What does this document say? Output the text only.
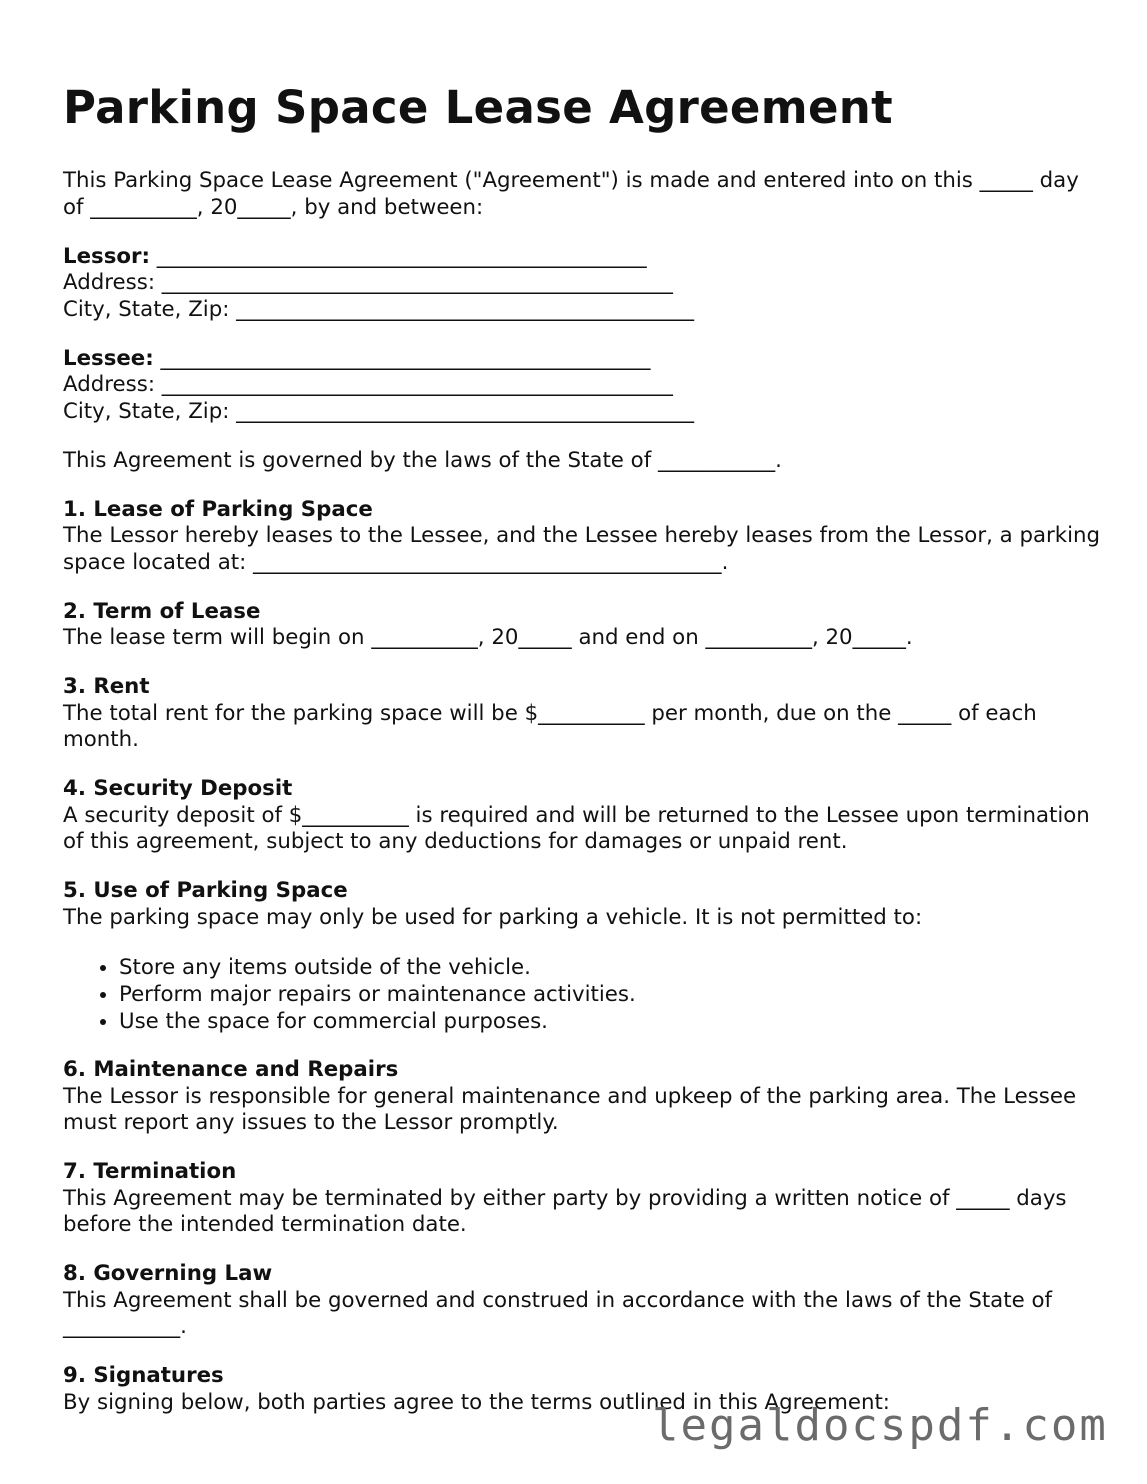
Parking Space Lease Agreement
This Parking Space Lease Agreement ("Agreement") is made and entered into on this _____ day of __________, 20_____, by and between:
Lessor: ______________________________________________
Address: ________________________________________________
City, State, Zip: ___________________________________________
Lessee: ______________________________________________
Address: ________________________________________________
City, State, Zip: ___________________________________________
This Agreement is governed by the laws of the State of ___________.
1. Lease of Parking Space
The Lessor hereby leases to the Lessee, and the Lessee hereby leases from the Lessor, a parking space located at: ____________________________________________.
2. Term of Lease
The lease term will begin on __________, 20_____ and end on __________, 20_____.
3. Rent
The total rent for the parking space will be $__________ per month, due on the _____ of each month.
4. Security Deposit
A security deposit of $__________ is required and will be returned to the Lessee upon termination of this agreement, subject to any deductions for damages or unpaid rent.
5. Use of Parking Space
The parking space may only be used for parking a vehicle. It is not permitted to:
• Store any items outside of the vehicle.
• Perform major repairs or maintenance activities.
• Use the space for commercial purposes.
6. Maintenance and Repairs
The Lessor is responsible for general maintenance and upkeep of the parking area. The Lessee must report any issues to the Lessor promptly.
7. Termination
This Agreement may be terminated by either party by providing a written notice of _____ days before the intended termination date.
8. Governing Law
This Agreement shall be governed and construed in accordance with the laws of the State of ___________.
9. Signatures
By signing below, both parties agree to the terms outlined in this Agreement:
legaldocspdf.com
